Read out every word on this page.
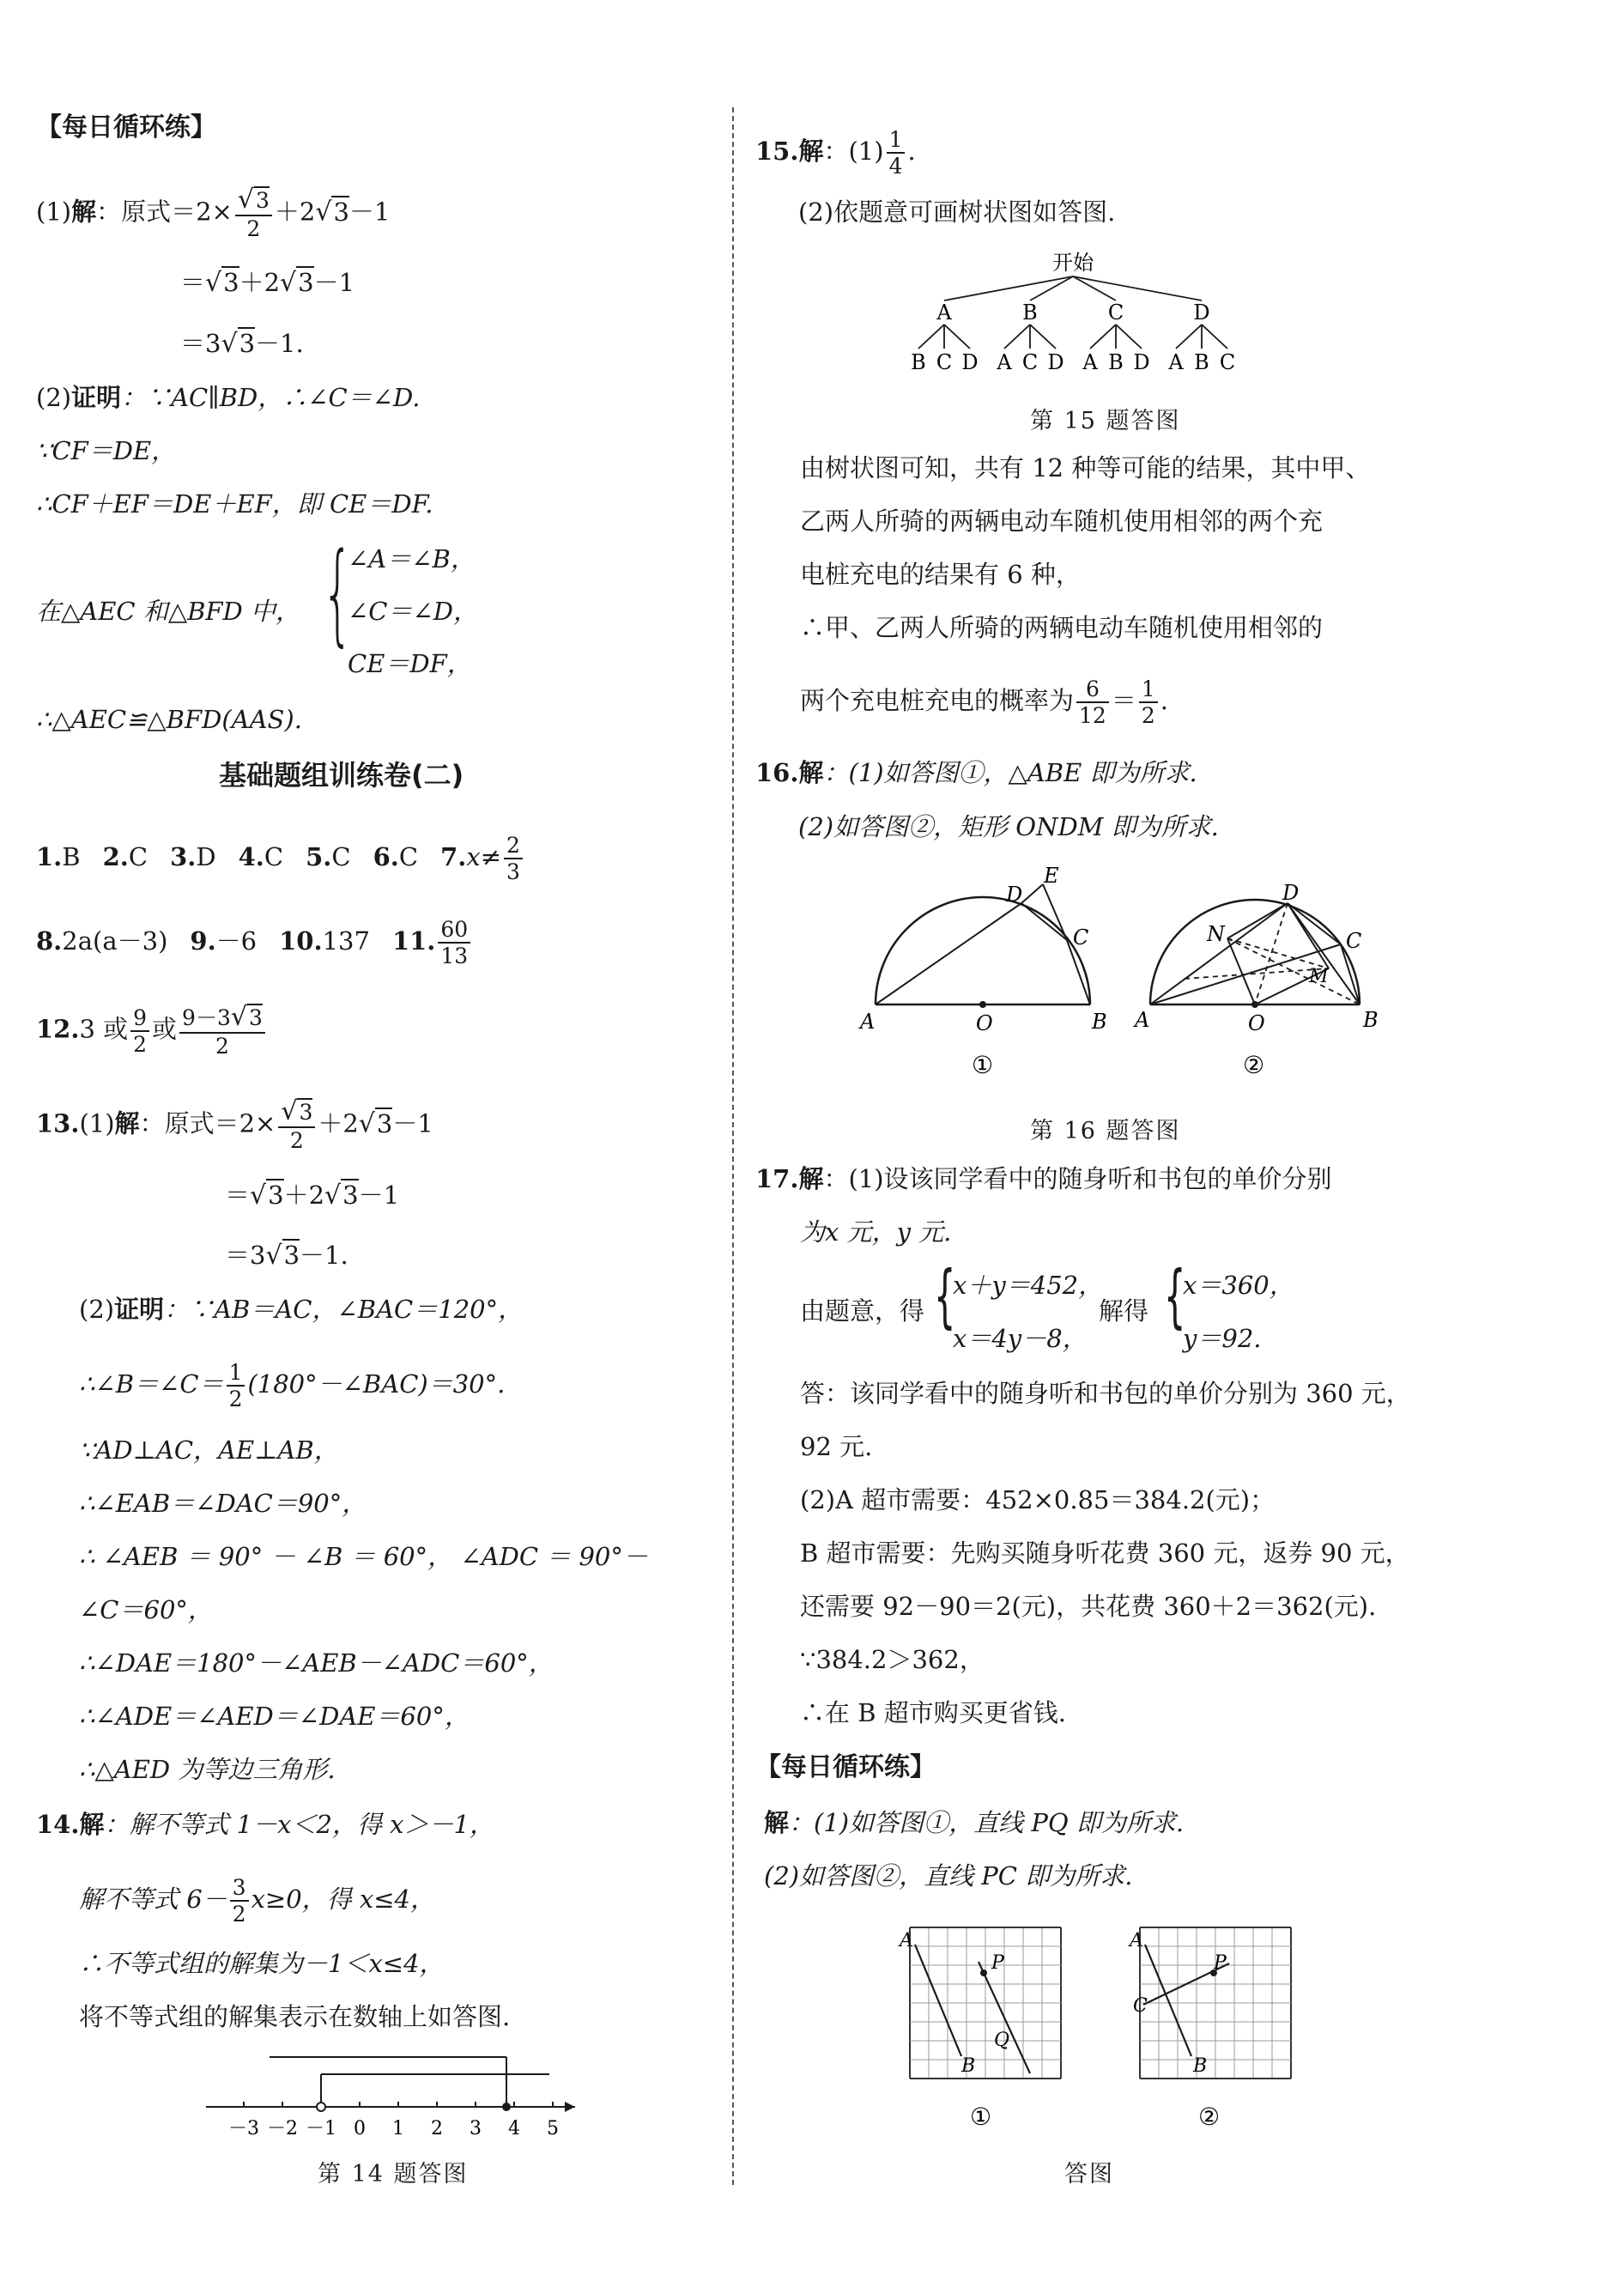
【每日循环练】
(1)解：原式$=2\times \frac{√3}{2} +2√3-1$
＝√3＋2√3－1
＝3√3－1.
(2)证明：∵AC∥BD，∴∠C＝∠D.
∵CF＝DE，
∴CF＋EF＝DE＋EF，即 CE＝DF.
在△AEC 和△BFD 中， {
∠A＝∠B，
∠C＝∠D，
CE＝DF，
∴△AEC≌△BFD(AAS).
基础题组训练卷(二)
1.B 2.C 3.D 4.C 5.C 6.C $7.x\ne \frac{2}{3}$
8.2a(a－3) 9.－6 10.137 11. $\frac{60}{13}$
12.3 或 $\frac{9}{2}$ 或 $\frac{9-3√3}{2}$
13.(1)解：原式$=2\times \frac{√3}{2} +2√3-1$
＝√3＋2√3－1
＝3√3－1.
(2)证明：∵AB＝AC，∠BAC＝120°，
∴∠B＝∠C＝ $\frac{1}{2}$ (180°－∠BAC)＝30°.
∵AD⊥AC，AE⊥AB，
∴∠EAB＝∠DAC＝90°，
∴ ∠AEB ＝ 90° － ∠B ＝ 60°， ∠ADC ＝ 90°－
∠C＝60°，
∴∠DAE＝180°－∠AEB－∠ADC＝60°，
∴∠ADE＝∠AED＝∠DAE＝60°，
∴△AED 为等边三角形.
14.解：解不等式 1－x＜2，得 x＞－1，
解不等式 $6- \frac{3}{2} x\ge 0$，得 x≤4，
∴不等式组的解集为－1＜x≤4，
将不等式组的解集表示在数轴上如答图.
－3 －2 －1 0 1 2 3 4 5
第 14 题答图
15.解：$(1) \frac{1}{4}$ .
(2)依题意可画树状图如答图.
开始
A	B	C	D
B C D A C D A B D A B C
第 15 题答图
由树状图可知，共有 12 种等可能的结果，其中甲、
乙两人所骑的两辆电动车随机使用相邻的两个充
电桩充电的结果有 6 种，
∴甲、乙两人所骑的两辆电动车随机使用相邻的
两个充电桩充电的概率为 $\frac{6}{12} = \frac{1}{2}$ .
16.解：(1)如答图①，△ABE 即为所求.
(2)如答图②，矩形 ONDM 即为所求.
A	O	B
C
D
E
①
A	O	B
C
D
N
M
②
第 16 题答图
17.解：(1)设该同学看中的随身听和书包的单价分别
为x 元，y 元.
由题意，得 {
x＋y＝452，
x＝4y－8，
解得 {
x＝360，
y＝92.
答：该同学看中的随身听和书包的单价分别为 360 元，
92 元.
(2)A 超市需要：452×0.85＝384.2(元)；
B 超市需要：先购买随身听花费 360 元，返券 90 元，
还需要 92－90＝2(元)，共花费 360＋2＝362(元).
∵384.2＞362，
∴在 B 超市购买更省钱.
【每日循环练】
解：(1)如答图①，直线 PQ 即为所求.
(2)如答图②，直线 PC 即为所求.
A
B
P
Q
①
A
B
P
C
②
答图
